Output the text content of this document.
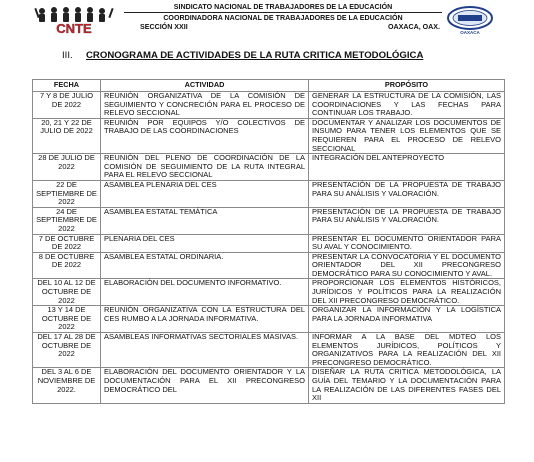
CNTE
SINDICATO NACIONAL DE TRABAJADORES DE LA EDUCACIÓN
COORDINADORA NACIONAL DE TRABAJADORES DE LA EDUCACIÓN
SECCIÓN XXII	OAXACA, OAX.
OAXACA
III. CRONOGRAMA DE ACTIVIDADES DE LA RUTA CRITICA METODOLÓGICA
FECHA	ACTIVIDAD	PROPÓSITO
7 Y 8 DE JULIO DE 2022	REUNIÓN ORGANIZATIVA DE LA COMISIÓN DE SEGUIMIENTO Y CONCRECIÓN PARA EL PROCESO DE RELEVO SECCIONAL	GENERAR LA ESTRUCTURA DE LA COMISIÓN, LAS COORDINACIONES Y LAS FECHAS PARA CONTINUAR LOS TRABAJO.
20, 21 Y 22 DE JULIO DE 2022	REUNIÓN POR EQUIPOS Y/O COLECTIVOS DE TRABAJO DE LAS COORDINACIONES	DOCUMENTAR Y ANALIZAR LOS DOCUMENTOS DE INSUMO PARA TENER LOS ELEMENTOS QUE SE REQUIEREN PARA EL PROCESO DE RELEVO SECCIONAL
28 DE JULIO DE 2022	REUNIÓN DEL PLENO DE COORDINACIÓN DE LA COMISIÓN DE SEGUIMIENTO DE LA RUTA INTEGRAL PARA EL RELEVO SECCIONAL	INTEGRACIÓN DEL ANTEPROYECTO
22 DE SEPTIEMBRE DE 2022	ASAMBLEA PLENARIA DEL CES	PRESENTACIÓN DE LA PROPUESTA DE TRABAJO PARA SU ANÁLISIS Y VALORACIÓN.
24 DE SEPTIEMBRE DE 2022	ASAMBLEA ESTATAL TEMÁTICA	PRESENTACIÓN DE LA PROPUESTA DE TRABAJO PARA SU ANÁLISIS Y VALORACIÓN.
7 DE OCTUBRE DE 2022	PLENARIA DEL CES	PRESENTAR EL DOCUMENTO ORIENTADOR PARA SU AVAL Y CONOCIMIENTO.
8 DE OCTUBRE DE 2022	ASAMBLEA ESTATAL ORDINARIA.	PRESENTAR LA CONVOCATORIA Y EL DOCUMENTO ORIENTADOR DEL XII PRECONGRESO DEMOCRÁTICO PARA SU CONOCIMIENTO Y AVAL.
DEL 10 AL 12 DE OCTUBRE DE 2022	ELABORACIÓN DEL DOCUMENTO INFORMATIVO.	PROPORCIONAR LOS ELEMENTOS HISTÓRICOS, JURÍDICOS Y POLÍTICOS PARA LA REALIZACIÓN DEL XII PRECONGRESO DEMOCRÁTICO.
13 Y 14 DE OCTUBRE DE 2022	REUNIÓN ORGANIZATIVA CON LA ESTRUCTURA DEL CES RUMBO A LA JORNADA INFORMATIVA.	ORGANIZAR LA INFORMACIÓN Y LA LOGÍSTICA PARA LA JORNADA INFORMATIVA
DEL 17 AL 28 DE OCTUBRE DE 2022	ASAMBLEAS INFORMATIVAS SECTORIALES MASIVAS.	INFORMAR A LA BASE DEL MDTEO LOS ELEMENTOS JURÍDICOS, POLÍTICOS Y ORGANIZATIVOS PARA LA REALIZACIÓN DEL XII PRECONGRESO DEMOCRÁTICO.
DEL 3 AL 6 DE NOVIEMBRE DE 2022.	ELABORACIÓN DEL DOCUMENTO ORIENTADOR Y LA DOCUMENTACIÓN PARA EL XII PRECONGRESO DEMOCRÁTICO DEL	DISEÑAR LA RUTA CRITICA METODOLÓGICA, LA GUÍA DEL TEMARIO Y LA DOCUMENTACIÓN PARA LA REALIZACIÓN DE LAS DIFERENTES FASES DEL XII
